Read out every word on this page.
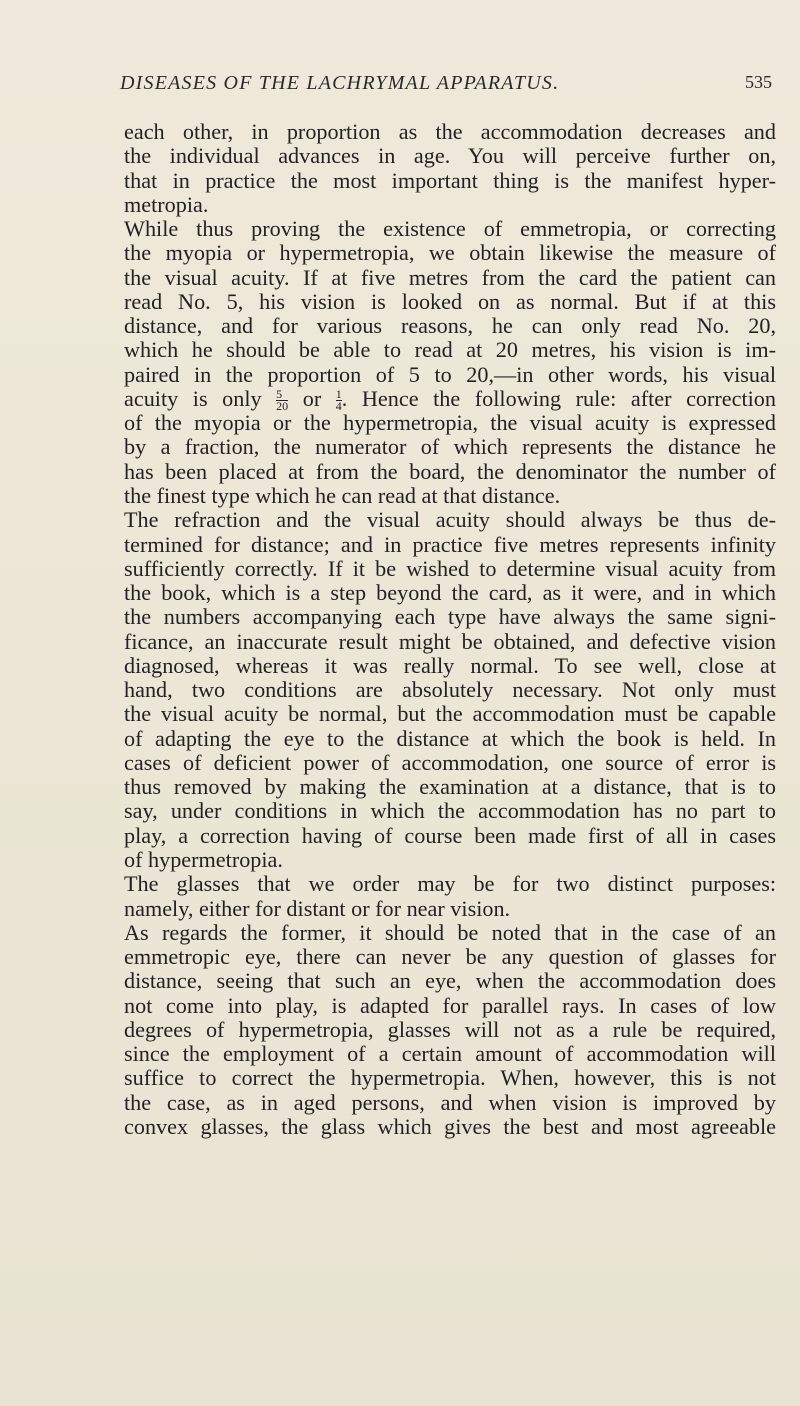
DISEASES OF THE LACHRYMAL APPARATUS.	535
each other, in proportion as the accommodation decreases and
the individual advances in age. You will perceive further on,
that in practice the most important thing is the manifest hyper-
metropia.
While thus proving the existence of emmetropia, or correcting
the myopia or hypermetropia, we obtain likewise the measure of
the visual acuity. If at five metres from the card the patient can
read No. 5, his vision is looked on as normal. But if at this
distance, and for various reasons, he can only read No. 20,
which he should be able to read at 20 metres, his vision is im-
paired in the proportion of 5 to 20,—in other words, his visual
acuity is only $\frac{5}{20}$ or $\frac{1}{4}$ . Hence the following rule: after correction
of the myopia or the hypermetropia, the visual acuity is expressed
by a fraction, the numerator of which represents the distance he
has been placed at from the board, the denominator the number of
the finest type which he can read at that distance.
The refraction and the visual acuity should always be thus de-
termined for distance; and in practice five metres represents infinity
sufficiently correctly. If it be wished to determine visual acuity from
the book, which is a step beyond the card, as it were, and in which
the numbers accompanying each type have always the same signi-
ficance, an inaccurate result might be obtained, and defective vision
diagnosed, whereas it was really normal. To see well, close at
hand, two conditions are absolutely necessary. Not only must
the visual acuity be normal, but the accommodation must be capable
of adapting the eye to the distance at which the book is held. In
cases of deficient power of accommodation, one source of error is
thus removed by making the examination at a distance, that is to
say, under conditions in which the accommodation has no part to
play, a correction having of course been made first of all in cases
of hypermetropia.
The glasses that we order may be for two distinct purposes:
namely, either for distant or for near vision.
As regards the former, it should be noted that in the case of an
emmetropic eye, there can never be any question of glasses for
distance, seeing that such an eye, when the accommodation does
not come into play, is adapted for parallel rays. In cases of low
degrees of hypermetropia, glasses will not as a rule be required,
since the employment of a certain amount of accommodation will
suffice to correct the hypermetropia. When, however, this is not
the case, as in aged persons, and when vision is improved by
convex glasses, the glass which gives the best and most agreeable
